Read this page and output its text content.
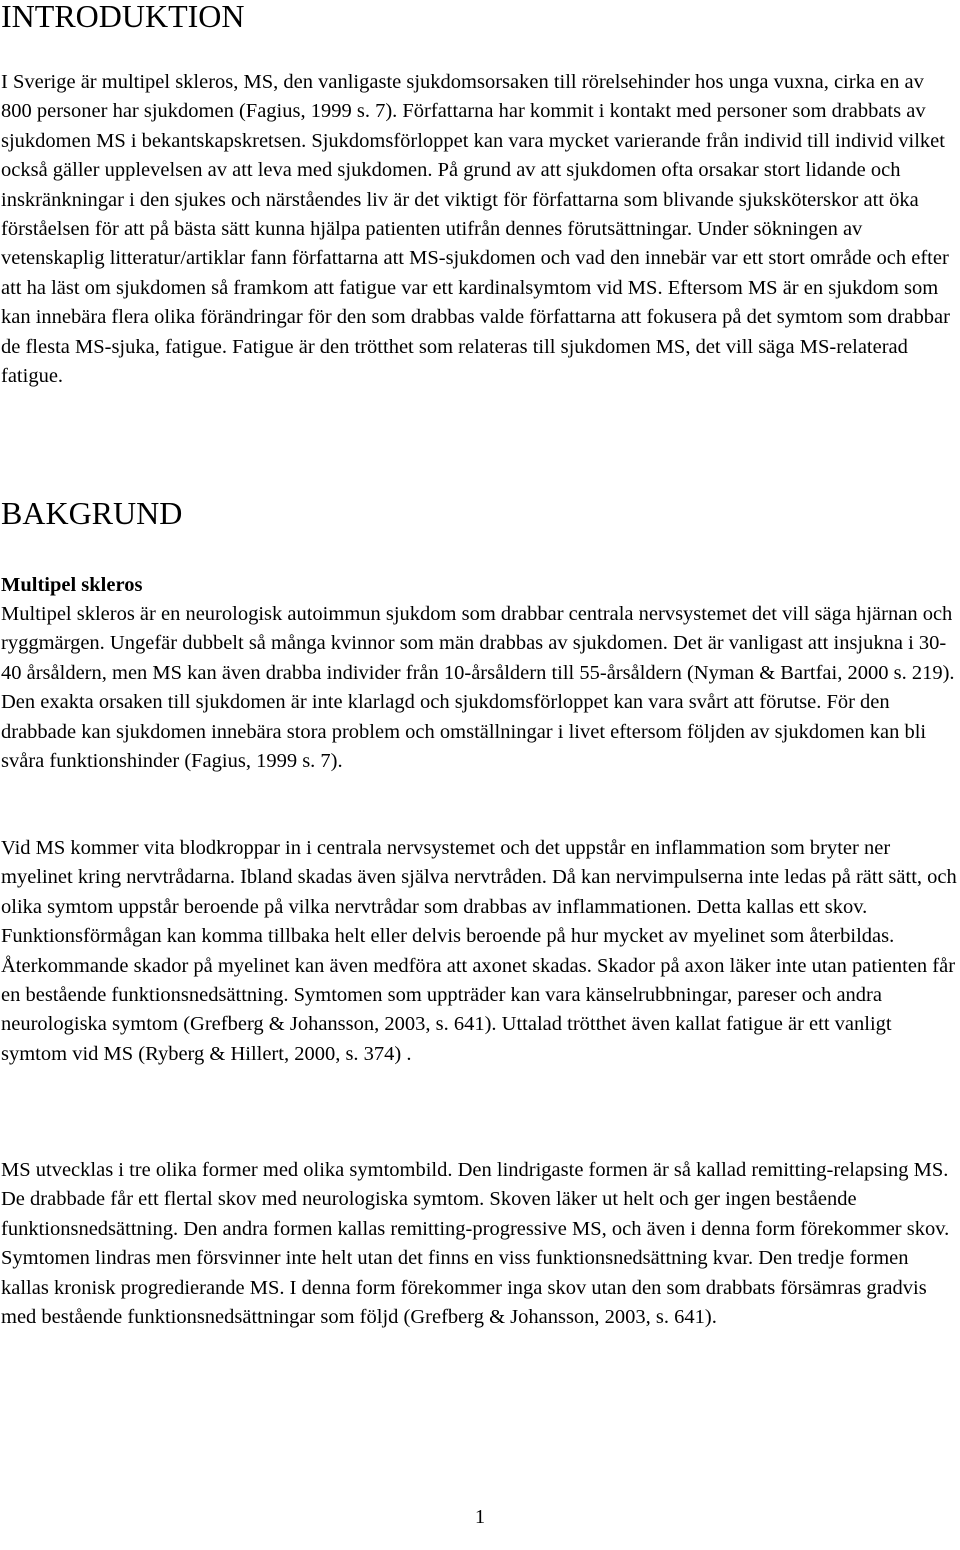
INTRODUKTION

I Sverige är multipel skleros, MS, den vanligaste sjukdomsorsaken till rörelsehinder hos unga vuxna, cirka en av 800 personer har sjukdomen (Fagius, 1999 s. 7). Författarna har kommit i kontakt med personer som drabbats av sjukdomen MS i bekantskapskretsen. Sjukdomsförloppet kan vara mycket varierande från individ till individ vilket också gäller upplevelsen av att leva med sjukdomen. På grund av att sjukdomen ofta orsakar stort lidande och inskränkningar i den sjukes och närståendes liv är det viktigt för författarna som blivande sjuksköterskor att öka förståelsen för att på bästa sätt kunna hjälpa patienten utifrån dennes förutsättningar. Under sökningen av vetenskaplig litteratur/artiklar fann författarna att MS-sjukdomen och vad den innebär var ett stort område och efter att ha läst om sjukdomen så framkom att fatigue var ett kardinalsymtom vid MS. Eftersom MS är en sjukdom som kan innebära flera olika förändringar för den som drabbas valde författarna att fokusera på det symtom som drabbar de flesta MS-sjuka, fatigue. Fatigue är den trötthet som relateras till sjukdomen MS, det vill säga MS-relaterad fatigue.

BAKGRUND

Multipel skleros

Multipel skleros är en neurologisk autoimmun sjukdom som drabbar centrala nervsystemet det vill säga hjärnan och ryggmärgen. Ungefär dubbelt så många kvinnor som män drabbas av sjukdomen. Det är vanligast att insjukna i 30-40 årsåldern, men MS kan även drabba individer från 10-årsåldern till 55-årsåldern (Nyman & Bartfai, 2000 s. 219). Den exakta orsaken till sjukdomen är inte klarlagd och sjukdomsförloppet kan vara svårt att förutse. För den drabbade kan sjukdomen innebära stora problem och omställningar i livet eftersom följden av sjukdomen kan bli svåra funktionshinder (Fagius, 1999 s. 7).

Vid MS kommer vita blodkroppar in i centrala nervsystemet och det uppstår en inflammation som bryter ner myelinet kring nervtrådarna. Ibland skadas även själva nervtråden. Då kan nervimpulserna inte ledas på rätt sätt, och olika symtom uppstår beroende på vilka nervtrådar som drabbas av inflammationen. Detta kallas ett skov. Funktionsförmågan kan komma tillbaka helt eller delvis beroende på hur mycket av myelinet som återbildas. Återkommande skador på myelinet kan även medföra att axonet skadas. Skador på axon läker inte utan patienten får en bestående funktionsnedsättning. Symtomen som uppträder kan vara känselrubbningar, pareser och andra neurologiska symtom (Grefberg & Johansson, 2003, s. 641). Uttalad trötthet även kallat fatigue är ett vanligt symtom vid MS (Ryberg & Hillert, 2000, s. 374) .

MS utvecklas i tre olika former med olika symtombild. Den lindrigaste formen är så kallad remitting-relapsing MS. De drabbade får ett flertal skov med neurologiska symtom. Skoven läker ut helt och ger ingen bestående funktionsnedsättning. Den andra formen kallas remitting-progressive MS, och även i denna form förekommer skov. Symtomen lindras men försvinner inte helt utan det finns en viss funktionsnedsättning kvar. Den tredje formen kallas kronisk progredierande MS. I denna form förekommer inga skov utan den som drabbats försämras gradvis med bestående funktionsnedsättningar som följd (Grefberg & Johansson, 2003, s. 641).

1
